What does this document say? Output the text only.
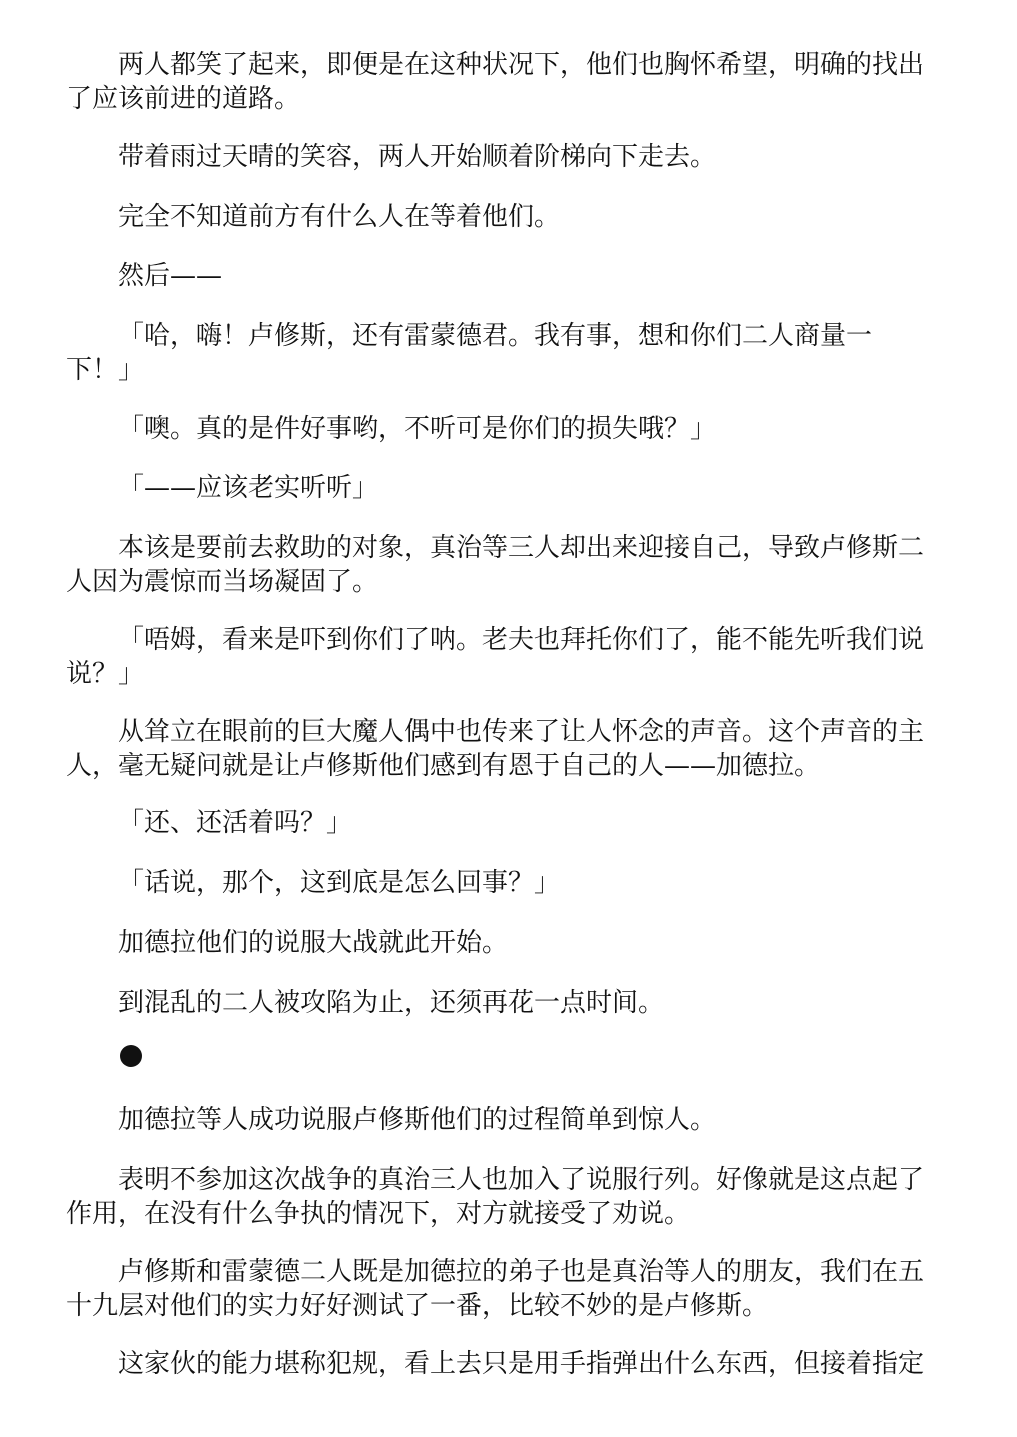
两人都笑了起来，即便是在这种状况下，他们也胸怀希望，明确的找出了应该前进的道路。

带着雨过天晴的笑容，两人开始顺着阶梯向下走去。

完全不知道前方有什么人在等着他们。

然后——

「哈，嗨！卢修斯，还有雷蒙德君。我有事，想和你们二人商量一下！」

「噢。真的是件好事哟，不听可是你们的损失哦？」

「——应该老实听听」

本该是要前去救助的对象，真治等三人却出来迎接自己，导致卢修斯二人因为震惊而当场凝固了。

「唔姆，看来是吓到你们了呐。老夫也拜托你们了，能不能先听我们说说？」

从耸立在眼前的巨大魔人偶中也传来了让人怀念的声音。这个声音的主人，毫无疑问就是让卢修斯他们感到有恩于自己的人——加德拉。

「还、还活着吗？」

「话说，那个，这到底是怎么回事？」

加德拉他们的说服大战就此开始。

到混乱的二人被攻陷为止，还须再花一点时间。

加德拉等人成功说服卢修斯他们的过程简单到惊人。

表明不参加这次战争的真治三人也加入了说服行列。好像就是这点起了作用，在没有什么争执的情况下，对方就接受了劝说。

卢修斯和雷蒙德二人既是加德拉的弟子也是真治等人的朋友，我们在五十九层对他们的实力好好测试了一番，比较不妙的是卢修斯。

这家伙的能力堪称犯规，看上去只是用手指弹出什么东西，但接着指定
